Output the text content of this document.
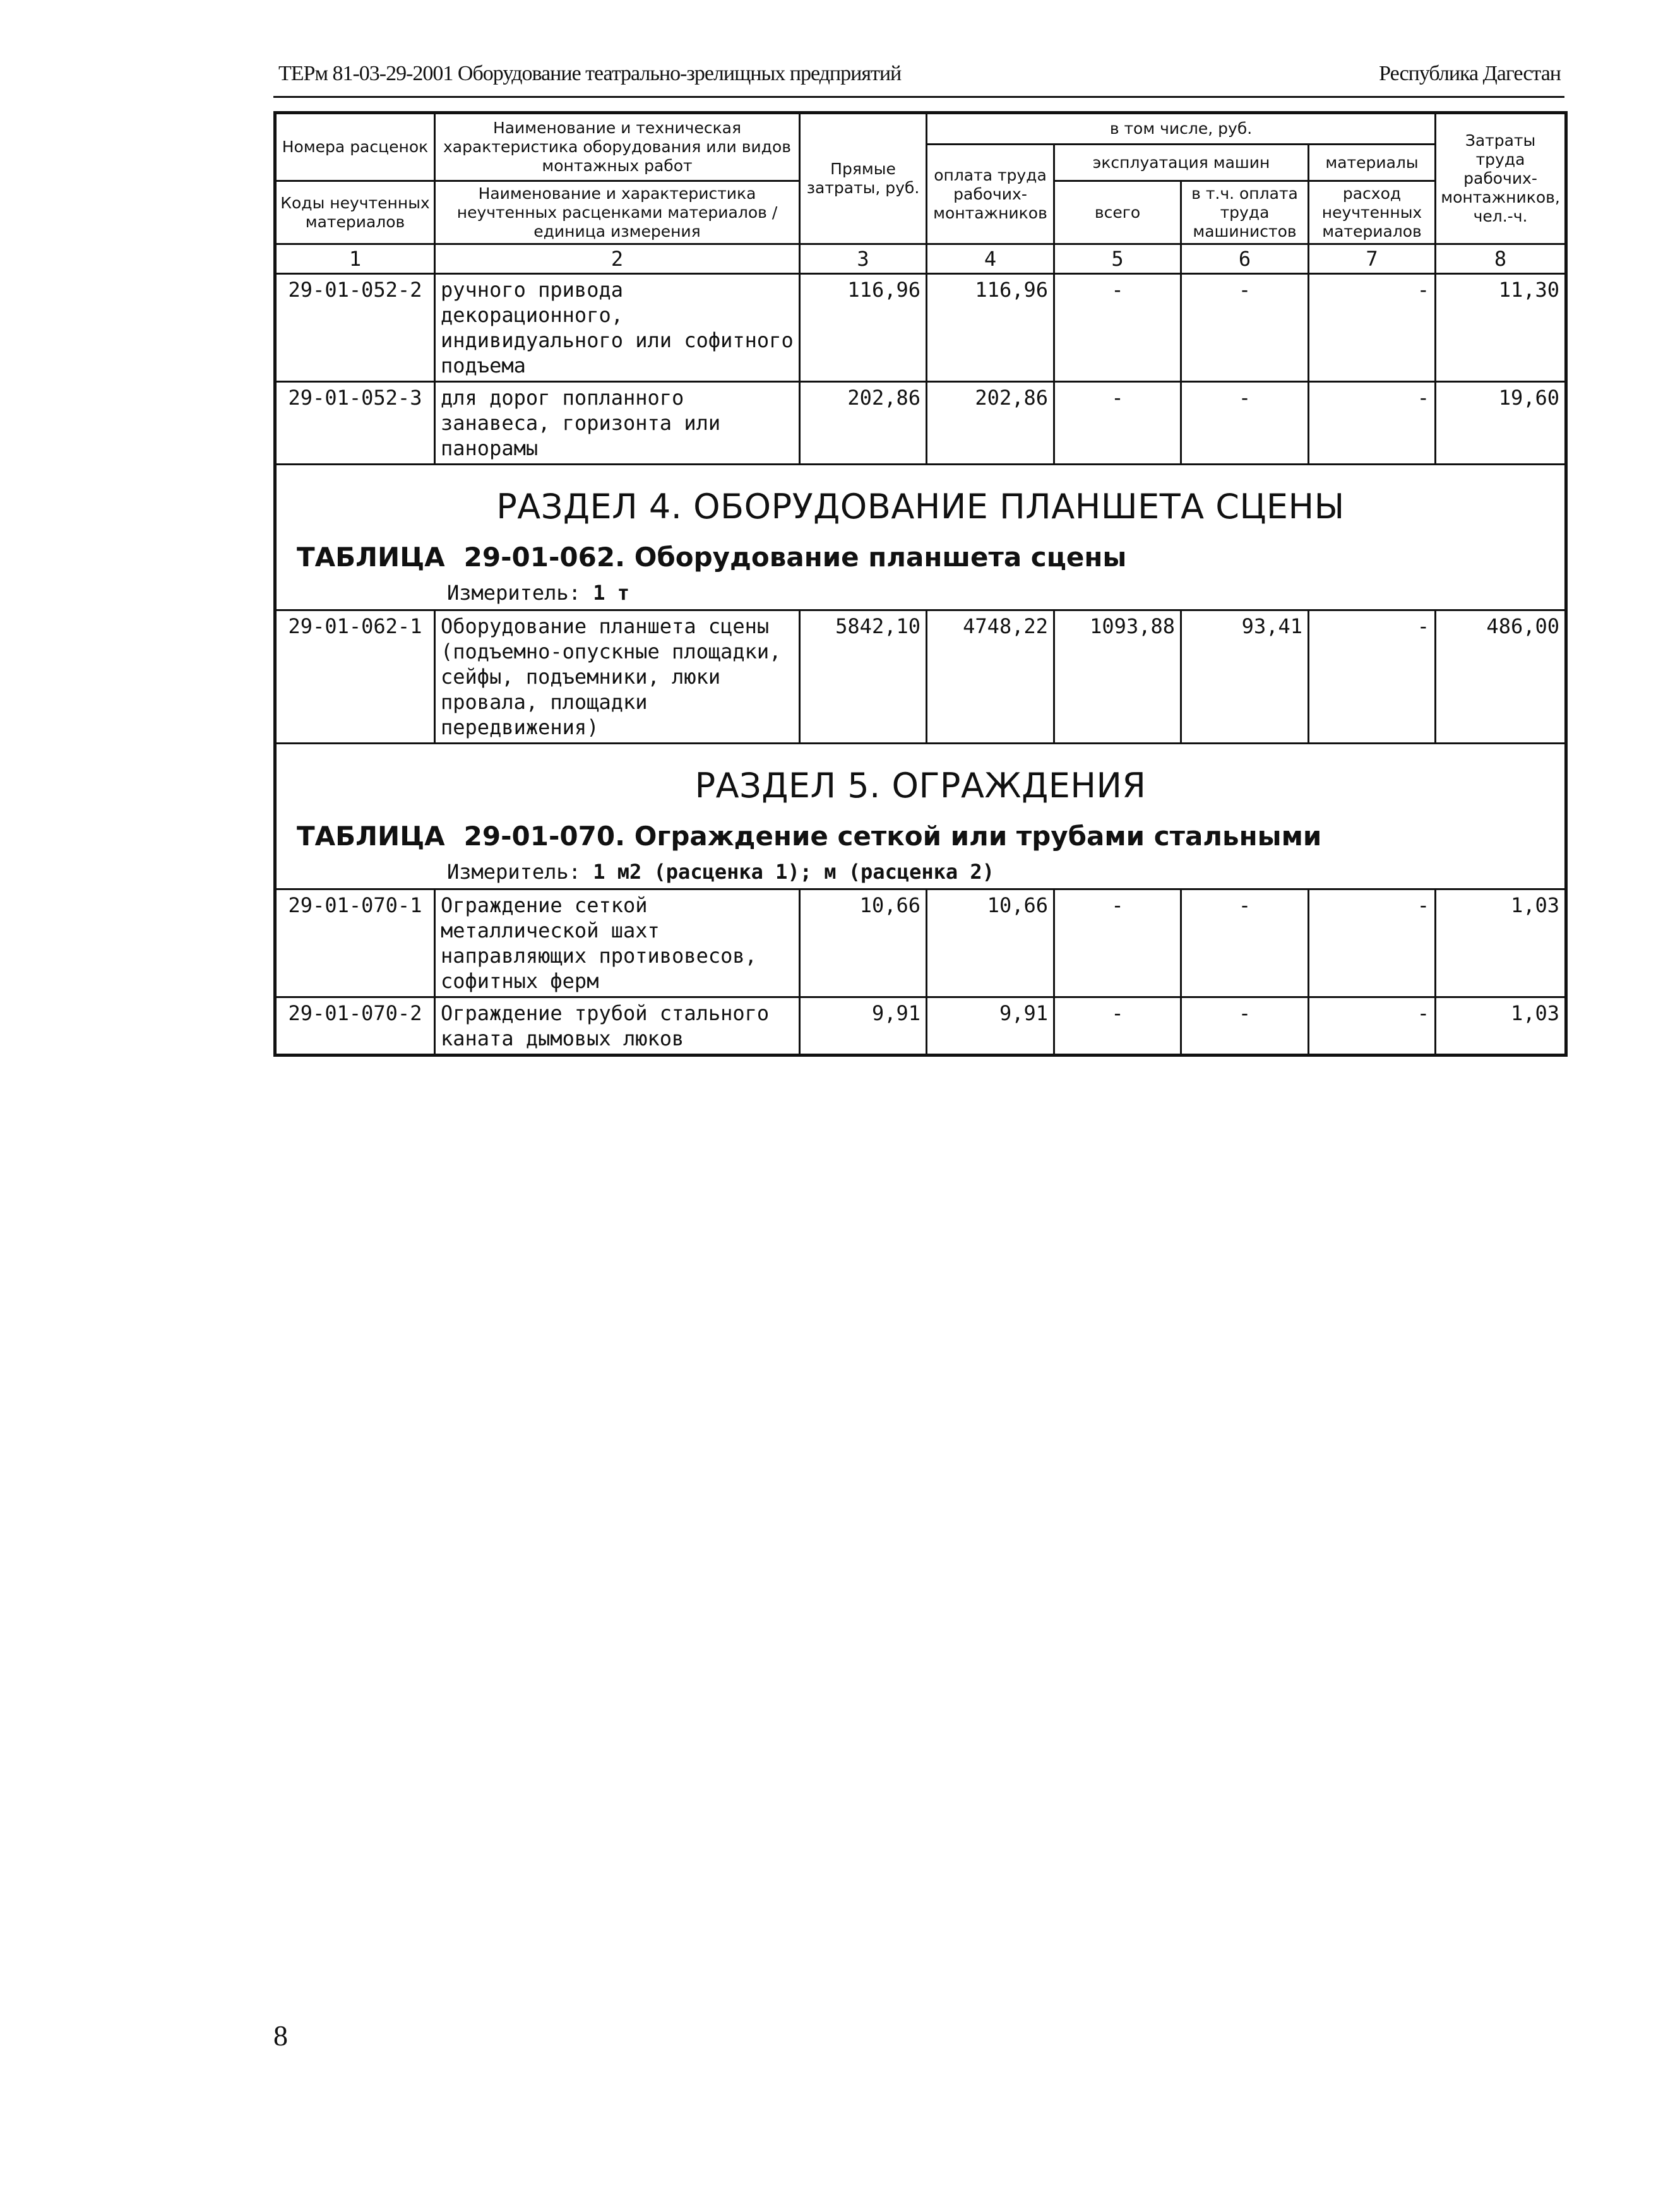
ТЕРм 81-03-29-2001 Оборудование театрально-зрелищных предприятий	Республика Дагестан
Номера расценок	Наименование и техническая характеристика оборудования или видов монтажных работ	Прямые затраты, руб.	в том числе, руб.				Затраты труда рабочих-монтажников, чел.-ч.
			оплата труда рабочих-монтажников	эксплуатация машин		материалы	
Коды неучтенных материалов	Наименование и характеристика неучтенных расценками материалов / единица измерения			всего	в т.ч. оплата труда машинистов	расход неучтенных материалов	

1	2	3	4	5	6	7	8
29-01-052-2	ручного привода декорационного, индивидуального или софитного подъема	116,96	116,96	-	-	-	11,30
29-01-052-3	для дорог попланного занавеса, горизонта или панорамы	202,86	202,86	-	-	-	19,60

РАЗДЕЛ 4. ОБОРУДОВАНИЕ ПЛАНШЕТА СЦЕНЫ
ТАБЛИЦА 29-01-062. Оборудование планшета сцены
Измеритель: 1 т							

29-01-062-1	Оборудование планшета сцены (подъемно-опускные площадки, сейфы, подъемники, люки провала, площадки передвижения)	5842,10	4748,22	1093,88	93,41	-	486,00

РАЗДЕЛ 5. ОГРАЖДЕНИЯ
ТАБЛИЦА 29-01-070. Ограждение сеткой или трубами стальными
Измеритель: 1 м2 (расценка 1); м (расценка 2)							

29-01-070-1	Ограждение сеткой металлической шахт направляющих противовесов, софитных ферм	10,66	10,66	-	-	-	1,03
29-01-070-2	Ограждение трубой стального каната дымовых люков	9,91	9,91	-	-	-	1,03
8
